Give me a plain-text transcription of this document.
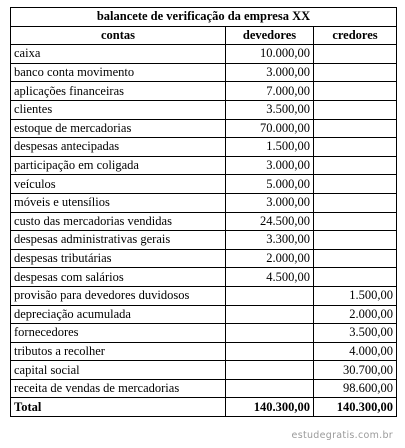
balancete de verificação da empresa XX		
contas	devedores	credores
caixa	10.000,00	
banco conta movimento	3.000,00	
aplicações financeiras	7.000,00	
clientes	3.500,00	
estoque de mercadorias	70.000,00	
despesas antecipadas	1.500,00	
participação em coligada	3.000,00	
veículos	5.000,00	
móveis e utensílios	3.000,00	
custo das mercadorias vendidas	24.500,00	
despesas administrativas gerais	3.300,00	
despesas tributárias	2.000,00	
despesas com salários	4.500,00	
provisão para devedores duvidosos		1.500,00
depreciação acumulada		2.000,00
fornecedores		3.500,00
tributos a recolher		4.000,00
capital social		30.700,00
receita de vendas de mercadorias		98.600,00
Total	140.300,00	140.300,00
estudegratis.com.br
